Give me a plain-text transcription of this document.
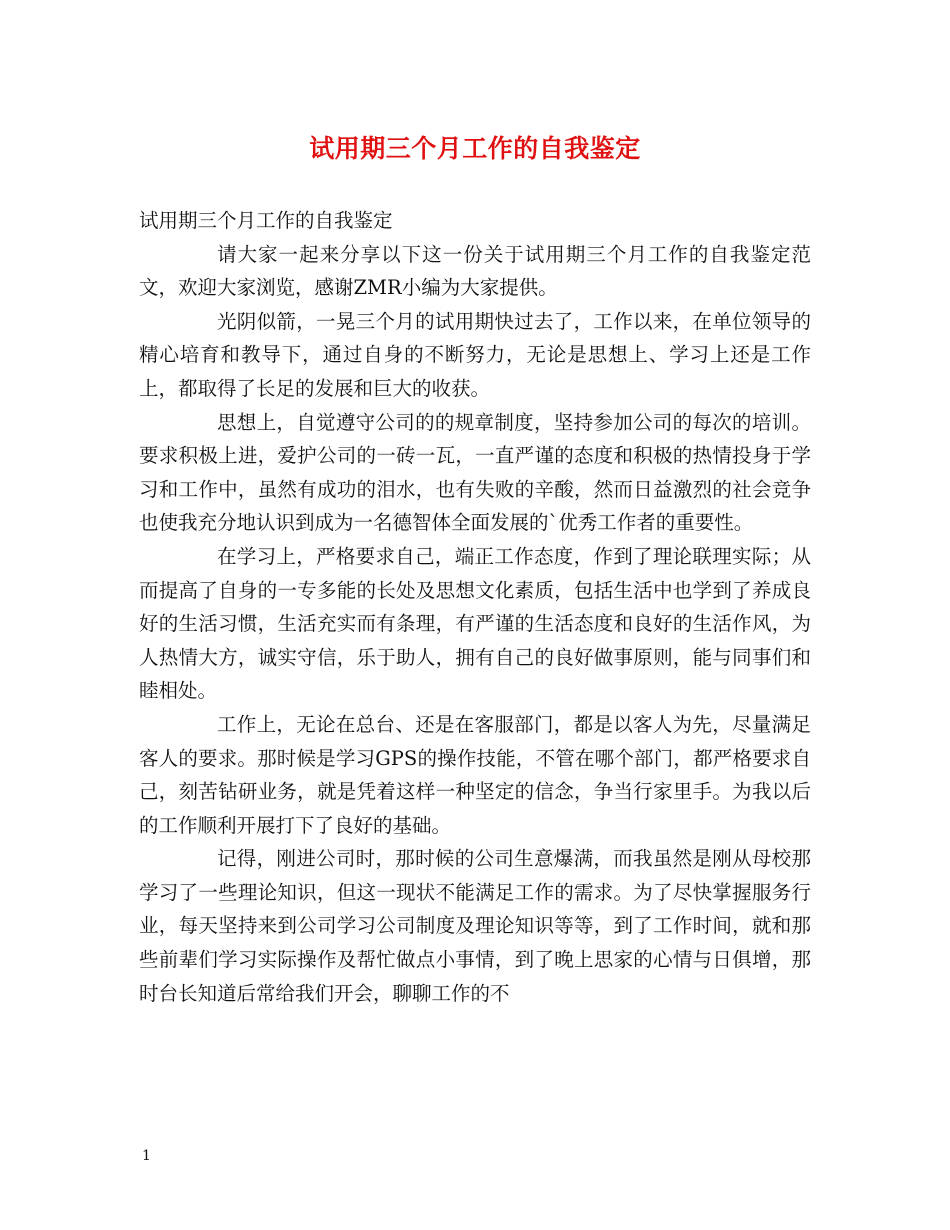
试用期三个月工作的自我鉴定

试用期三个月工作的自我鉴定

请大家一起来分享以下这一份关于试用期三个月工作的自我鉴定范文，欢迎大家浏览，感谢ZMR小编为大家提供。

光阴似箭，一晃三个月的试用期快过去了，工作以来，在单位领导的精心培育和教导下，通过自身的不断努力，无论是思想上、学习上还是工作上，都取得了长足的发展和巨大的收获。

思想上，自觉遵守公司的的规章制度，坚持参加公司的每次的培训。要求积极上进，爱护公司的一砖一瓦，一直严谨的态度和积极的热情投身于学习和工作中，虽然有成功的泪水，也有失败的辛酸，然而日益激烈的社会竞争也使我充分地认识到成为一名德智体全面发展的`优秀工作者的重要性。

在学习上，严格要求自己，端正工作态度，作到了理论联理实际；从而提高了自身的一专多能的长处及思想文化素质，包括生活中也学到了养成良好的生活习惯，生活充实而有条理，有严谨的生活态度和良好的生活作风，为人热情大方，诚实守信，乐于助人，拥有自己的良好做事原则，能与同事们和睦相处。

工作上，无论在总台、还是在客服部门，都是以客人为先，尽量满足客人的要求。那时候是学习GPS的操作技能，不管在哪个部门，都严格要求自己，刻苦钻研业务，就是凭着这样一种坚定的信念，争当行家里手。为我以后的工作顺利开展打下了良好的基础。

记得，刚进公司时，那时候的公司生意爆满，而我虽然是刚从母校那学习了一些理论知识，但这一现状不能满足工作的需求。为了尽快掌握服务行业，每天坚持来到公司学习公司制度及理论知识等等，到了工作时间，就和那些前辈们学习实际操作及帮忙做点小事情，到了晚上思家的心情与日俱增，那时台长知道后常给我们开会，聊聊工作的不

1
